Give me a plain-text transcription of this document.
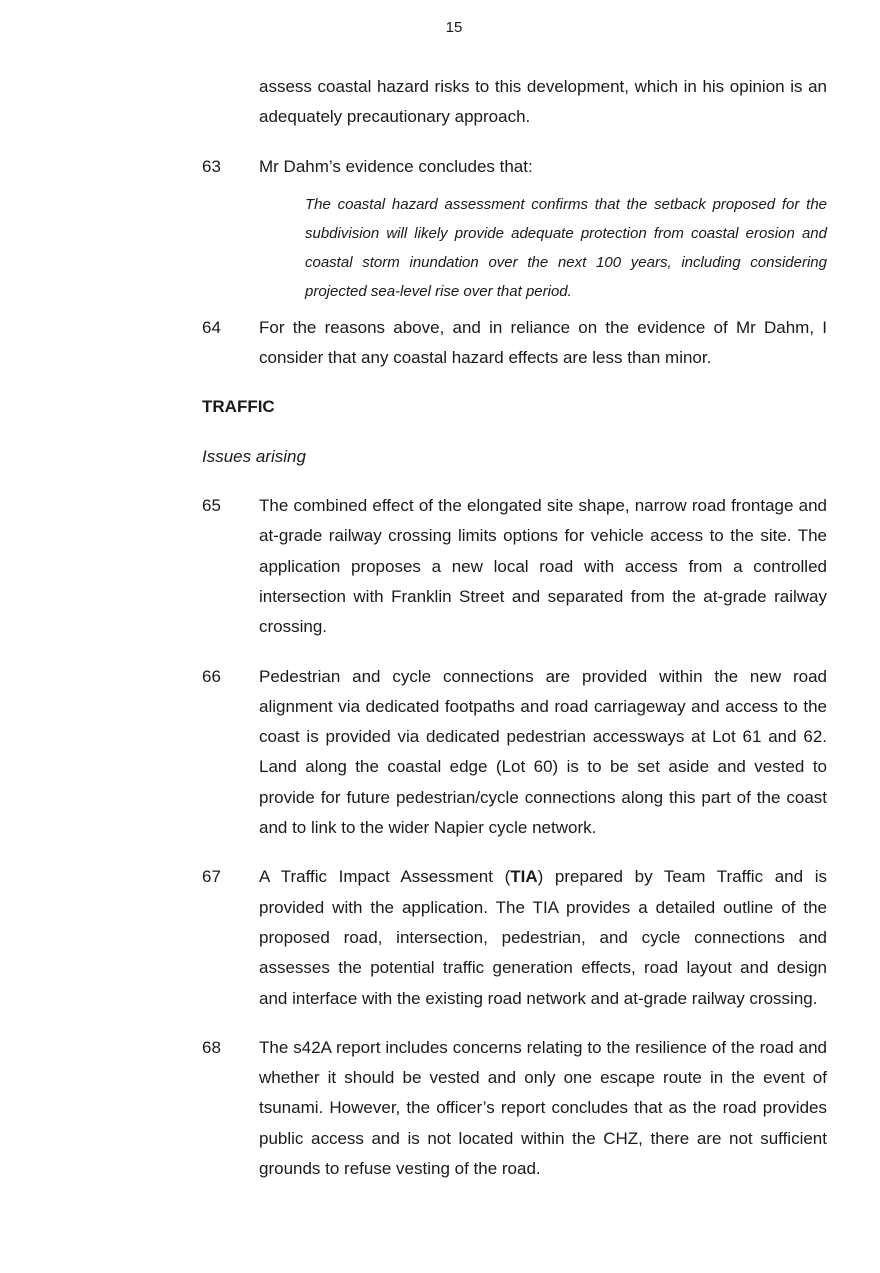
15

assess coastal hazard risks to this development, which in his opinion is an adequately precautionary approach.

63	Mr Dahm’s evidence concludes that:

The coastal hazard assessment confirms that the setback proposed for the subdivision will likely provide adequate protection from coastal erosion and coastal storm inundation over the next 100 years, including considering projected sea-level rise over that period.

64	For the reasons above, and in reliance on the evidence of Mr Dahm, I consider that any coastal hazard effects are less than minor.

TRAFFIC
Issues arising
65	The combined effect of the elongated site shape, narrow road frontage and at-grade railway crossing limits options for vehicle access to the site. The application proposes a new local road with access from a controlled intersection with Franklin Street and separated from the at-grade railway crossing.

66	Pedestrian and cycle connections are provided within the new road alignment via dedicated footpaths and road carriageway and access to the coast is provided via dedicated pedestrian accessways at Lot 61 and 62. Land along the coastal edge (Lot 60) is to be set aside and vested to provide for future pedestrian/cycle connections along this part of the coast and to link to the wider Napier cycle network.

67	A Traffic Impact Assessment (TIA) prepared by Team Traffic and is provided with the application. The TIA provides a detailed outline of the proposed road, intersection, pedestrian, and cycle connections and assesses the potential traffic generation effects, road layout and design and interface with the existing road network and at-grade railway crossing.

68	The s42A report includes concerns relating to the resilience of the road and whether it should be vested and only one escape route in the event of tsunami. However, the officer’s report concludes that as the road provides public access and is not located within the CHZ, there are not sufficient grounds to refuse vesting of the road.
